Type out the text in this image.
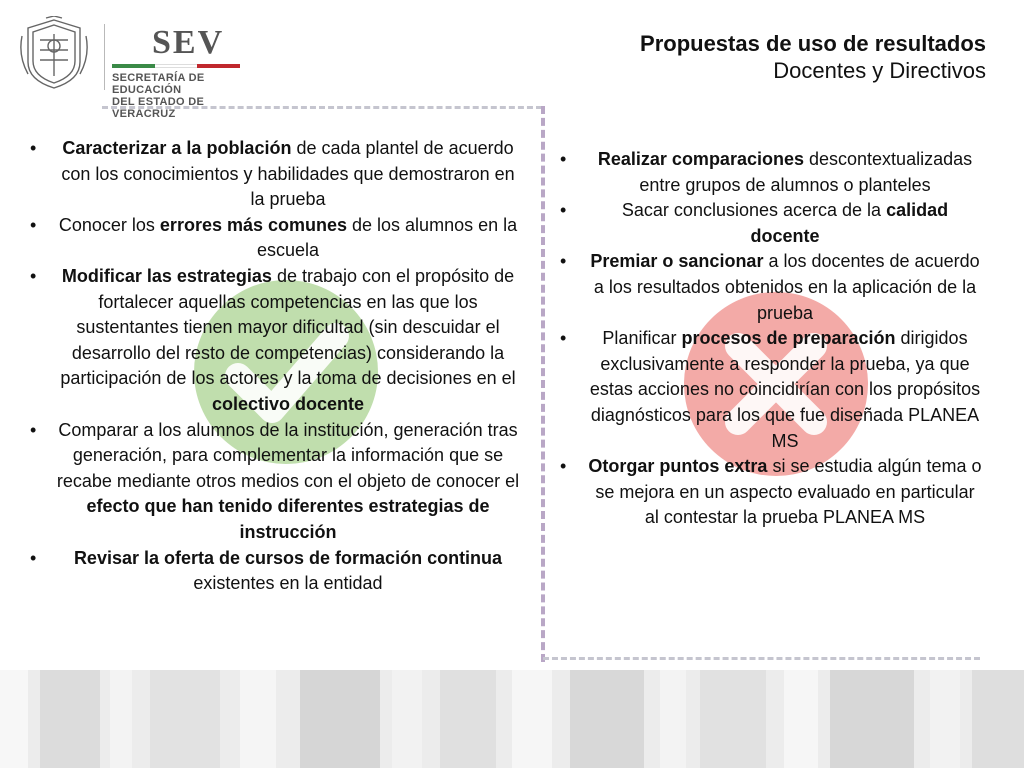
SEV
SECRETARÍA DE EDUCACIÓN
DEL ESTADO DE VERACRUZ
Propuestas de uso de resultados
Docentes y Directivos
• Caracterizar a la población de cada plantel de acuerdo con los conocimientos y habilidades que demostraron en la prueba
• Conocer los errores más comunes de los alumnos en la escuela
• Modificar las estrategias de trabajo con el propósito de fortalecer aquellas competencias en las que los sustentantes tienen mayor dificultad (sin descuidar el desarrollo del resto de competencias) considerando la participación de los actores y la toma de decisiones en el colectivo docente
• Comparar a los alumnos de la institución, generación tras generación, para complementar la información que se recabe mediante otros medios con el objeto de conocer el efecto que han tenido diferentes estrategias de instrucción
• Revisar la oferta de cursos de formación continua existentes en la entidad
• Realizar comparaciones descontextualizadas entre grupos de alumnos o planteles
• Sacar conclusiones acerca de la calidad docente
• Premiar o sancionar a los docentes de acuerdo a los resultados obtenidos en la aplicación de la prueba
• Planificar procesos de preparación dirigidos exclusivamente a responder la prueba, ya que estas acciones no coincidirían con los propósitos diagnósticos para los que fue diseñada PLANEA MS
• Otorgar puntos extra si se estudia algún tema o se mejora en un aspecto evaluado en particular al contestar la prueba PLANEA MS
